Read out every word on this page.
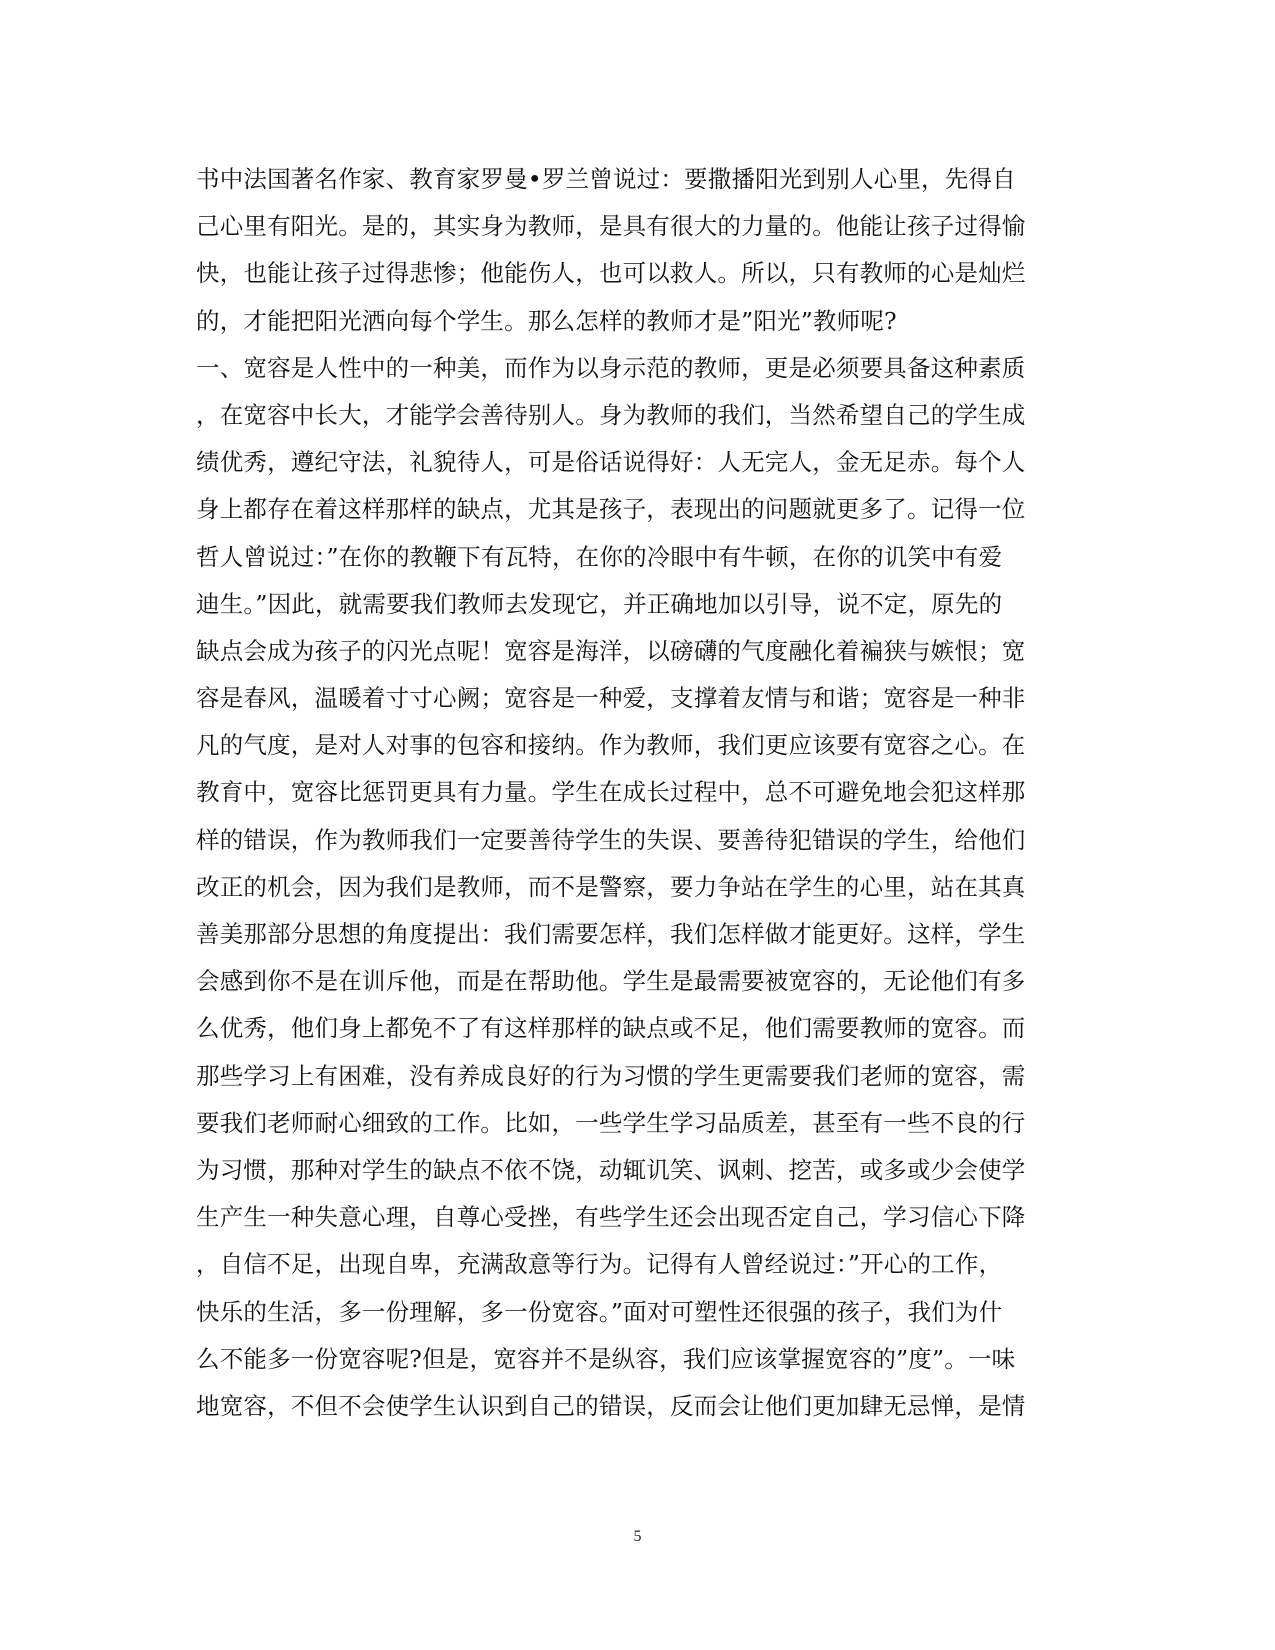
书中法国著名作家、教育家罗曼•罗兰曾说过：要撒播阳光到别人心里，先得自
己心里有阳光。是的，其实身为教师，是具有很大的力量的。他能让孩子过得愉
快，也能让孩子过得悲惨；他能伤人，也可以救人。所以，只有教师的心是灿烂
的，才能把阳光洒向每个学生。那么怎样的教师才是”阳光”教师呢?
一、宽容是人性中的一种美，而作为以身示范的教师，更是必须要具备这种素质
，在宽容中长大，才能学会善待别人。身为教师的我们，当然希望自己的学生成
绩优秀，遵纪守法，礼貌待人，可是俗话说得好：人无完人，金无足赤。每个人
身上都存在着这样那样的缺点，尤其是孩子，表现出的问题就更多了。记得一位
哲人曾说过：”在你的教鞭下有瓦特，在你的冷眼中有牛顿，在你的讥笑中有爱
迪生。”因此，就需要我们教师去发现它，并正确地加以引导，说不定，原先的
缺点会成为孩子的闪光点呢！宽容是海洋，以磅礴的气度融化着褊狭与嫉恨；宽
容是春风，温暖着寸寸心阙；宽容是一种爱，支撑着友情与和谐；宽容是一种非
凡的气度，是对人对事的包容和接纳。作为教师，我们更应该要有宽容之心。在
教育中，宽容比惩罚更具有力量。学生在成长过程中，总不可避免地会犯这样那
样的错误，作为教师我们一定要善待学生的失误、要善待犯错误的学生，给他们
改正的机会，因为我们是教师，而不是警察，要力争站在学生的心里，站在其真
善美那部分思想的角度提出：我们需要怎样，我们怎样做才能更好。这样，学生
会感到你不是在训斥他，而是在帮助他。学生是最需要被宽容的，无论他们有多
么优秀，他们身上都免不了有这样那样的缺点或不足，他们需要教师的宽容。而
那些学习上有困难，没有养成良好的行为习惯的学生更需要我们老师的宽容，需
要我们老师耐心细致的工作。比如，一些学生学习品质差，甚至有一些不良的行
为习惯，那种对学生的缺点不依不饶，动辄讥笑、讽刺、挖苦，或多或少会使学
生产生一种失意心理，自尊心受挫，有些学生还会出现否定自己，学习信心下降
，自信不足，出现自卑，充满敌意等行为。记得有人曾经说过：”开心的工作，
快乐的生活，多一份理解，多一份宽容。”面对可塑性还很强的孩子，我们为什
么不能多一份宽容呢?但是，宽容并不是纵容，我们应该掌握宽容的”度”。一味
地宽容，不但不会使学生认识到自己的错误，反而会让他们更加肆无忌惮，是情
5
